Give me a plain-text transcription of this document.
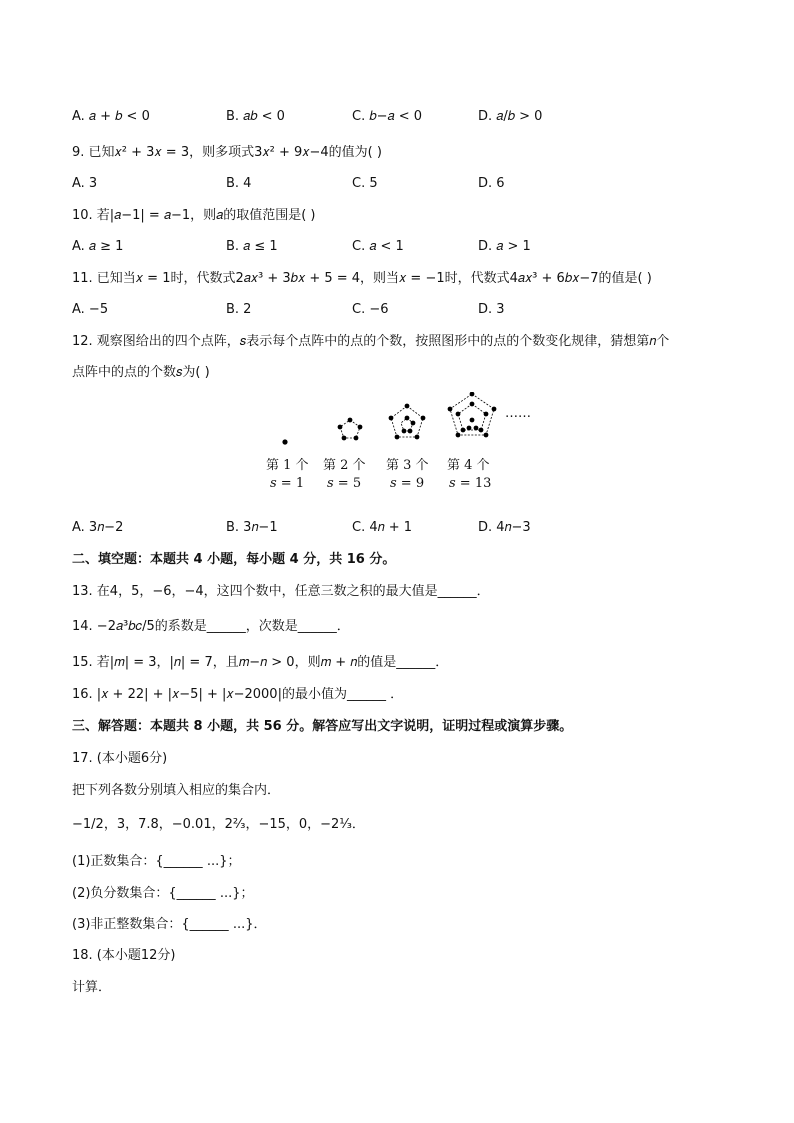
A. 𝑎 + 𝑏 < 0	B. 𝑎𝑏 < 0	C. 𝑏−𝑎 < 0	D. 𝑎/𝑏 > 0
9. 已知𝑥² + 3𝑥 = 3，则多项式3𝑥² + 9𝑥−4的值为( )
A. 3	B. 4	C. 5	D. 6
10. 若|𝑎−1| = 𝑎−1，则𝑎的取值范围是( )
A. 𝑎 ≥ 1	B. 𝑎 ≤ 1	C. 𝑎 < 1	D. 𝑎 > 1
11. 已知当𝑥 = 1时，代数式2𝑎𝑥³ + 3𝑏𝑥 + 5 = 4，则当𝑥 = −1时，代数式4𝑎𝑥³ + 6𝑏𝑥−7的值是( )
A. −5	B. 2	C. −6	D. 3
12. 观察图给出的四个点阵，𝑠表示每个点阵中的点的个数，按照图形中的点的个数变化规律，猜想第𝑛个
点阵中的点的个数𝑠为( )
……
第 1 个 第 2 个 第 3 个 第 4 个
𝑠 = 1 𝑠 = 5 𝑠 = 9 𝑠 = 13
A. 3𝑛−2	B. 3𝑛−1	C. 4𝑛 + 1	D. 4𝑛−3
二、填空题：本题共 4 小题，每小题 4 分，共 16 分。
13. 在4，5，−6，−4，这四个数中，任意三数之积的最大值是______．
14. −2𝑎³𝑏𝑐/5的系数是______，次数是______．
15. 若|𝑚| = 3，|𝑛| = 7，且𝑚−𝑛 > 0，则𝑚 + 𝑛的值是______．
16. |𝑥 + 22| + |𝑥−5| + |𝑥−2000|的最小值为______ ．
三、解答题：本题共 8 小题，共 56 分。解答应写出文字说明，证明过程或演算步骤。
17. (本小题6分)
把下列各数分别填入相应的集合内．
−1/2，3，7.8，−0.01，2²⁄₃，−15，0，−2¹⁄₃．
(1)正数集合：{______ ...}；
(2)负分数集合：{______ ...}；
(3)非正整数集合：{______ ...}．
18. (本小题12分)
计算．
